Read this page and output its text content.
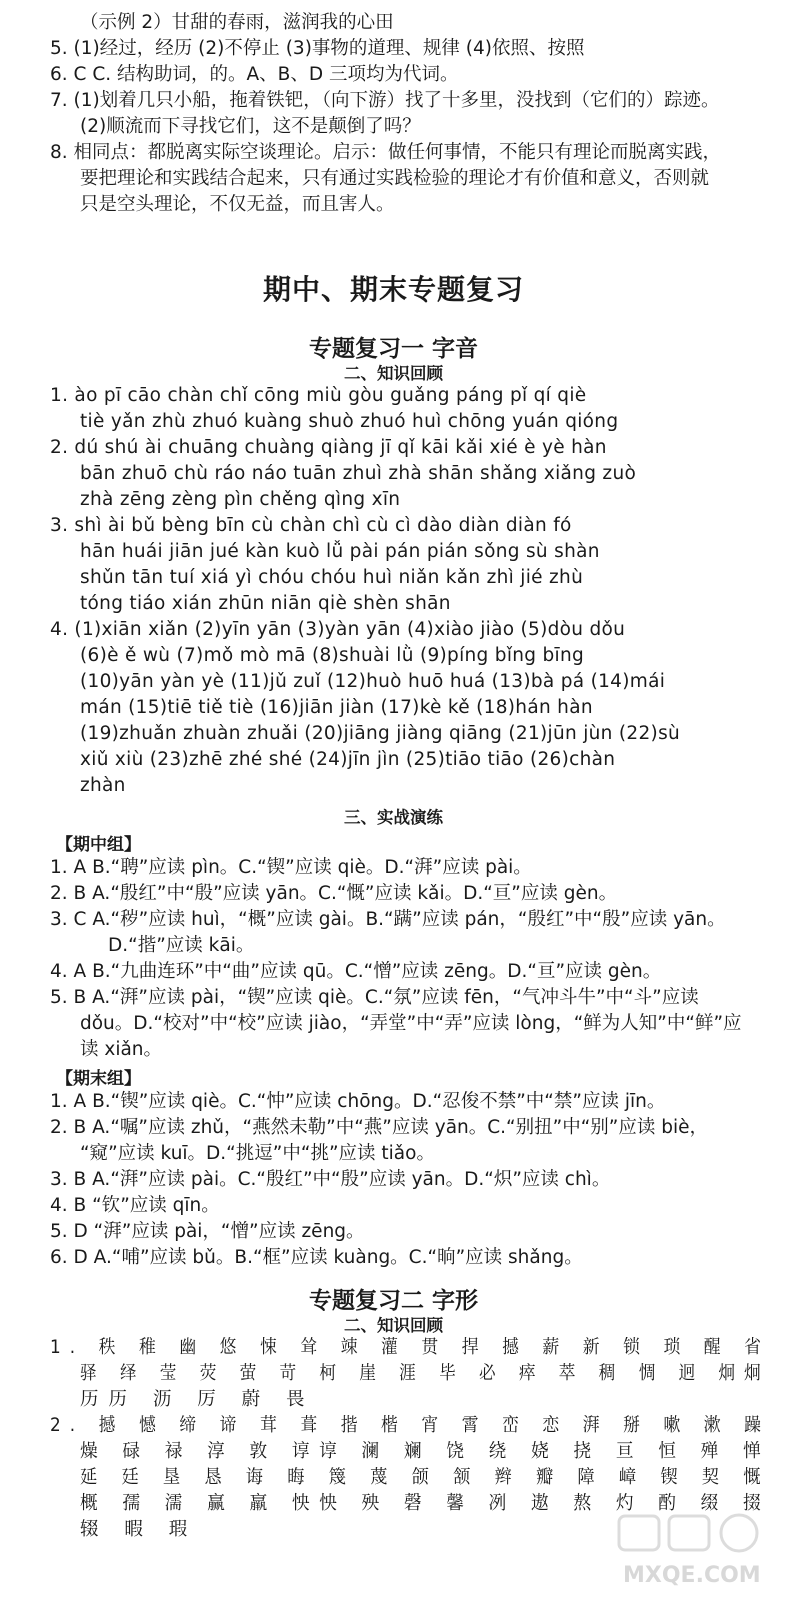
（示例 2）甘甜的春雨，滋润我的心田
5. (1)经过，经历 (2)不停止 (3)事物的道理、规律 (4)依照、按照
6. C C. 结构助词，的。A、B、D 三项均为代词。
7. (1)划着几只小船，拖着铁钯，（向下游）找了十多里，没找到（它们的）踪迹。
(2)顺流而下寻找它们，这不是颠倒了吗？
8. 相同点：都脱离实际空谈理论。启示：做任何事情，不能只有理论而脱离实践，
要把理论和实践结合起来，只有通过实践检验的理论才有价值和意义，否则就
只是空头理论，不仅无益，而且害人。
期中、期末专题复习
专题复习一 字音
二、知识回顾
1. ào pī cāo chàn chǐ cōng miù gòu guǎng páng pǐ qí qiè
tiè yǎn zhù zhuó kuàng shuò zhuó huì chōng yuán qióng
2. dú shú ài chuāng chuàng qiàng jī qǐ kāi kǎi xié è yè hàn
bān zhuō chù ráo náo tuān zhuì zhà shān shǎng xiǎng zuò
zhà zēng zèng pìn chěng qìng xīn
3. shì ài bǔ bèng bīn cù chàn chì cù cì dào diàn diàn fó
hān huái jiān jué kàn kuò lǚ pài pán pián sǒng sù shàn
shǔn tān tuí xiá yì chóu chóu huì niǎn kǎn zhì jié zhù
tóng tiáo xián zhūn niān qiè shèn shān
4. (1)xiān xiǎn (2)yīn yān (3)yàn yān (4)xiào jiào (5)dòu dǒu
(6)è ě wù (7)mǒ mò mā (8)shuài lǜ (9)píng bǐng bīng
(10)yān yàn yè (11)jǔ zuǐ (12)huò huō huá (13)bà pá (14)mái
mán (15)tiē tiě tiè (16)jiān jiàn (17)kè kě (18)hán hàn
(19)zhuǎn zhuàn zhuǎi (20)jiāng jiàng qiāng (21)jūn jùn (22)sù
xiǔ xiù (23)zhē zhé shé (24)jīn jìn (25)tiāo tiāo (26)chàn
zhàn
三、实战演练
【期中组】
1. A B.“聘”应读 pìn。C.“锲”应读 qiè。D.“湃”应读 pài。
2. B A.“殷红”中“殷”应读 yān。C.“慨”应读 kǎi。D.“亘”应读 gèn。
3. C A.“秽”应读 huì，“概”应读 gài。B.“蹒”应读 pán，“殷红”中“殷”应读 yān。
D.“揩”应读 kāi。
4. A B.“九曲连环”中“曲”应读 qū。C.“憎”应读 zēng。D.“亘”应读 gèn。
5. B A.“湃”应读 pài，“锲”应读 qiè。C.“氛”应读 fēn，“气冲斗牛”中“斗”应读
dǒu。D.“校对”中“校”应读 jiào，“弄堂”中“弄”应读 lòng，“鲜为人知”中“鲜”应
读 xiǎn。
【期末组】
1. A B.“锲”应读 qiè。C.“忡”应读 chōng。D.“忍俊不禁”中“禁”应读 jīn。
2. B A.“嘱”应读 zhǔ，“燕然未勒”中“燕”应读 yān。C.“别扭”中“别”应读 biè，
“窥”应读 kuī。D.“挑逗”中“挑”应读 tiǎo。
3. B A.“湃”应读 pài。C.“殷红”中“殷”应读 yān。D.“炽”应读 chì。
4. B “钦”应读 qīn。
5. D “湃”应读 pài，“憎”应读 zēng。
6. D A.“哺”应读 bǔ。B.“框”应读 kuàng。C.“晌”应读 shǎng。
专题复习二 字形
二、知识回顾
1. 秩 稚 幽 悠 悚 耸 竦 灌 贯 捍 撼 薪 新 锁 琐 醒 省
驿 绎 莹 荧 萤 苛 柯 崖 涯 毕 必 瘁 萃 稠 惆 迥 炯炯
历历 沥 厉 蔚 畏
2. 撼 憾 缔 谛 茸 葺 揩 楷 宵 霄 峦 恋 湃 掰 嗽 漱 躁
燥 碌 禄 淳 敦 谆谆 澜 斓 饶 绕 娆 挠 亘 恒 殚 惮
延 廷 垦 恳 诲 晦 篾 蔑 颌 颔 辫 瓣 障 嶂 锲 契 慨
概 孺 濡 赢 羸 怏怏 殃 磬 馨 冽 遨 熬 灼 酌 缀 掇
辍 暇 瑕
MXQE.COM
